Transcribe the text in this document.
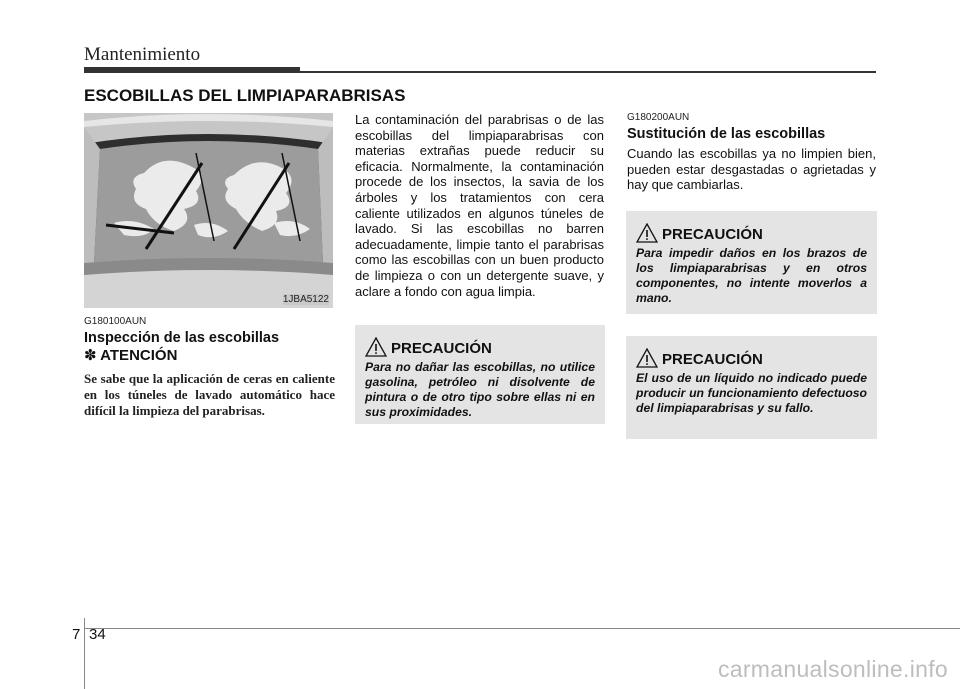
Mantenimiento
ESCOBILLAS DEL LIMPIAPARABRISAS
1JBA5122
G180100AUN
Inspección de las escobillas
✽ ATENCIÓN
Se sabe que la aplicación de ceras en caliente en los túneles de lavado automático hace difícil la limpieza del parabrisas.
La contaminación del parabrisas o de las escobillas del limpiaparabrisas con materias extrañas puede reducir su eficacia. Normalmente, la contaminación procede de los insectos, la savia de los árboles y los tratamientos con cera caliente utilizados en algunos túneles de lavado. Si las escobillas no barren adecuadamente, limpie tanto el parabrisas como las escobillas con un buen producto de limpieza o con un detergente suave, y aclare a fondo con agua limpia.
PRECAUCIÓN
Para no dañar las escobillas, no utilice gasolina, petróleo ni disolvente de pintura o de otro tipo sobre ellas ni en sus proximidades.
G180200AUN
Sustitución de las escobillas
Cuando las escobillas ya no limpien bien, pueden estar desgastadas o agrietadas y hay que cambiarlas.
PRECAUCIÓN
Para impedir daños en los brazos de los limpiaparabrisas y en otros componentes, no intente moverlos a mano.
PRECAUCIÓN
El uso de un líquido no indicado puede producir un funcionamiento defectuoso del limpiaparabrisas y su fallo.
7 34
carmanualsonline.info
